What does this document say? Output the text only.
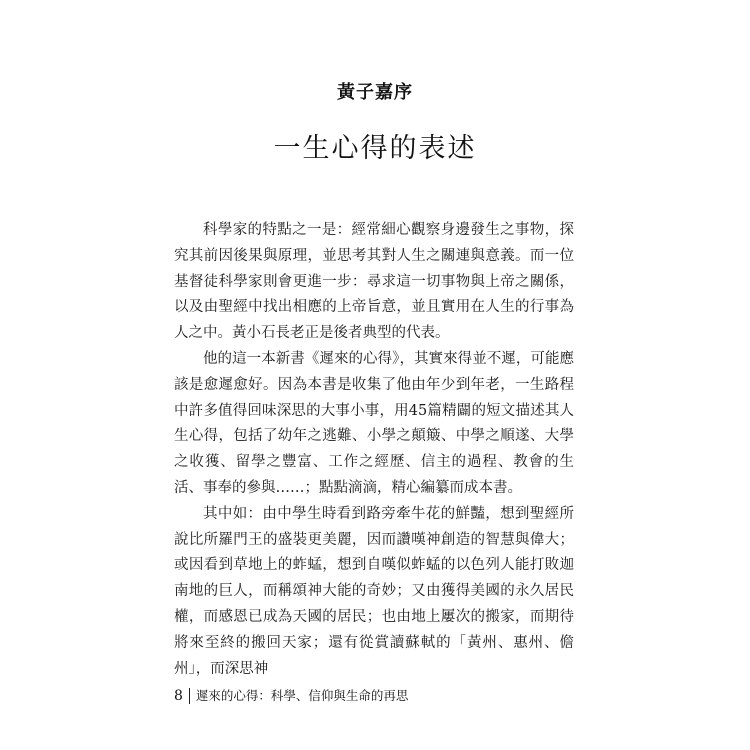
黃子嘉序
一生心得的表述

科學家的特點之一是：經常細心觀察身邊發生之事物，探究其前因後果與原理，並思考其對人生之關連與意義。而一位基督徒科學家則會更進一步：尋求這一切事物與上帝之關係，以及由聖經中找出相應的上帝旨意，並且實用在人生的行事為人之中。黃小石長老正是後者典型的代表。

他的這一本新書《遲來的心得》，其實來得並不遲，可能應該是愈遲愈好。因為本書是收集了他由年少到年老，一生路程中許多值得回味深思的大事小事，用45篇精闢的短文描述其人生心得，包括了幼年之逃難、小學之顛簸、中學之順遂、大學之收獲、留學之豐富、工作之經歷、信主的過程、教會的生活、事奉的參與……；點點滴滴，精心編纂而成本書。

其中如：由中學生時看到路旁牽牛花的鮮豔，想到聖經所說比所羅門王的盛裝更美麗，因而讚嘆神創造的智慧與偉大；或因看到草地上的蚱蜢，想到自嘆似蚱蜢的以色列人能打敗迦南地的巨人，而稱頌神大能的奇妙；又由獲得美國的永久居民權，而感恩已成為天國的居民；也由地上屢次的搬家，而期待將來至終的搬回天家；還有從賞讀蘇軾的「黃州、惠州、儋州」，而深思神

8	遲來的心得：科學、信仰與生命的再思
